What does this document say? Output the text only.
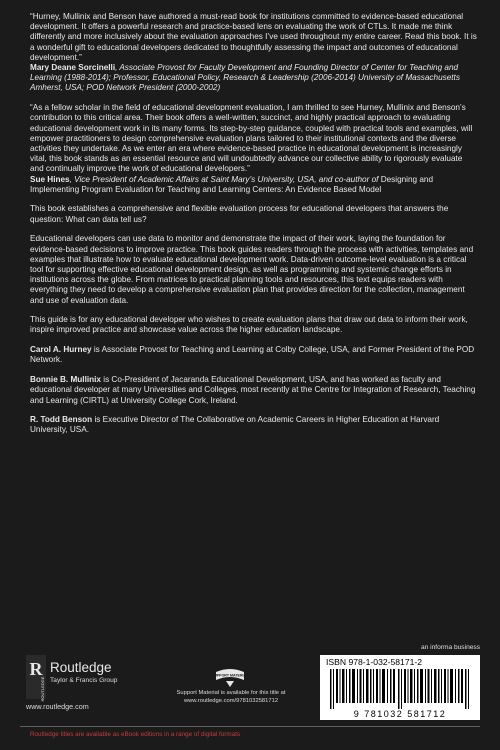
“Hurney, Mullinix and Benson have authored a must-read book for institutions committed to evidence-based educational development. It offers a powerful research and practice-based lens on evaluating the work of CTLs. It made me think differently and more inclusively about the evaluation approaches I’ve used throughout my entire career. Read this book. It is a wonderful gift to educational developers dedicated to thoughtfully assessing the impact and outcomes of educational development.”

Mary Deane Sorcinelli, Associate Provost for Faculty Development and Founding Director of Center for Teaching and Learning (1988-2014); Professor, Educational Policy, Research & Leadership (2006-2014) University of Massachusetts Amherst, USA; POD Network President (2000-2002)

“As a fellow scholar in the field of educational development evaluation, I am thrilled to see Hurney, Mullinix and Benson’s contribution to this critical area. Their book offers a well-written, succinct, and highly practical approach to evaluating educational development work in its many forms. Its step-by-step guidance, coupled with practical tools and examples, will empower practitioners to design comprehensive evaluation plans tailored to their institutional contexts and the diverse activities they undertake. As we enter an era where evidence-based practice in educational development is increasingly vital, this book stands as an essential resource and will undoubtedly advance our collective ability to rigorously evaluate and continually improve the work of educational developers.”

Sue Hines, Vice President of Academic Affairs at Saint Mary’s University, USA, and co-author of Designing and Implementing Program Evaluation for Teaching and Learning Centers: An Evidence Based Model

This book establishes a comprehensive and flexible evaluation process for educational developers that answers the question: What can data tell us?

Educational developers can use data to monitor and demonstrate the impact of their work, laying the foundation for evidence-based decisions to improve practice. This book guides readers through the process with activities, templates and examples that illustrate how to evaluate educational development work. Data-driven outcome-level evaluation is a critical tool for supporting effective educational development design, as well as programming and systemic change efforts in institutions across the globe. From matrices to practical planning tools and resources, this text equips readers with everything they need to develop a comprehensive evaluation plan that provides direction for the collection, management and use of evaluation data.

This guide is for any educational developer who wishes to create evaluation plans that draw out data to inform their work, inspire improved practice and showcase value across the higher education landscape.

Carol A. Hurney is Associate Provost for Teaching and Learning at Colby College, USA, and Former President of the POD Network.

Bonnie B. Mullinix is Co-President of Jacaranda Educational Development, USA, and has worked as faculty and educational developer at many Universities and Colleges, most recently at the Centre for Integration of Research, Teaching and Learning (CIRTL) at University College Cork, Ireland.

R. Todd Benson is Executive Director of The Collaborative on Academic Careers in Higher Education at Harvard University, USA.

R
ROUTLEDGE
Routledge
Taylor & Francis Group
www.routledge.com
SUPPORT MATERIAL
Support Material is available for this title at
www.routledge.com/9781032581712
an informa business
ISBN 978-1-032-58171-2
9 781032 581712
Routledge titles are available as eBook editions in a range of digital formats
